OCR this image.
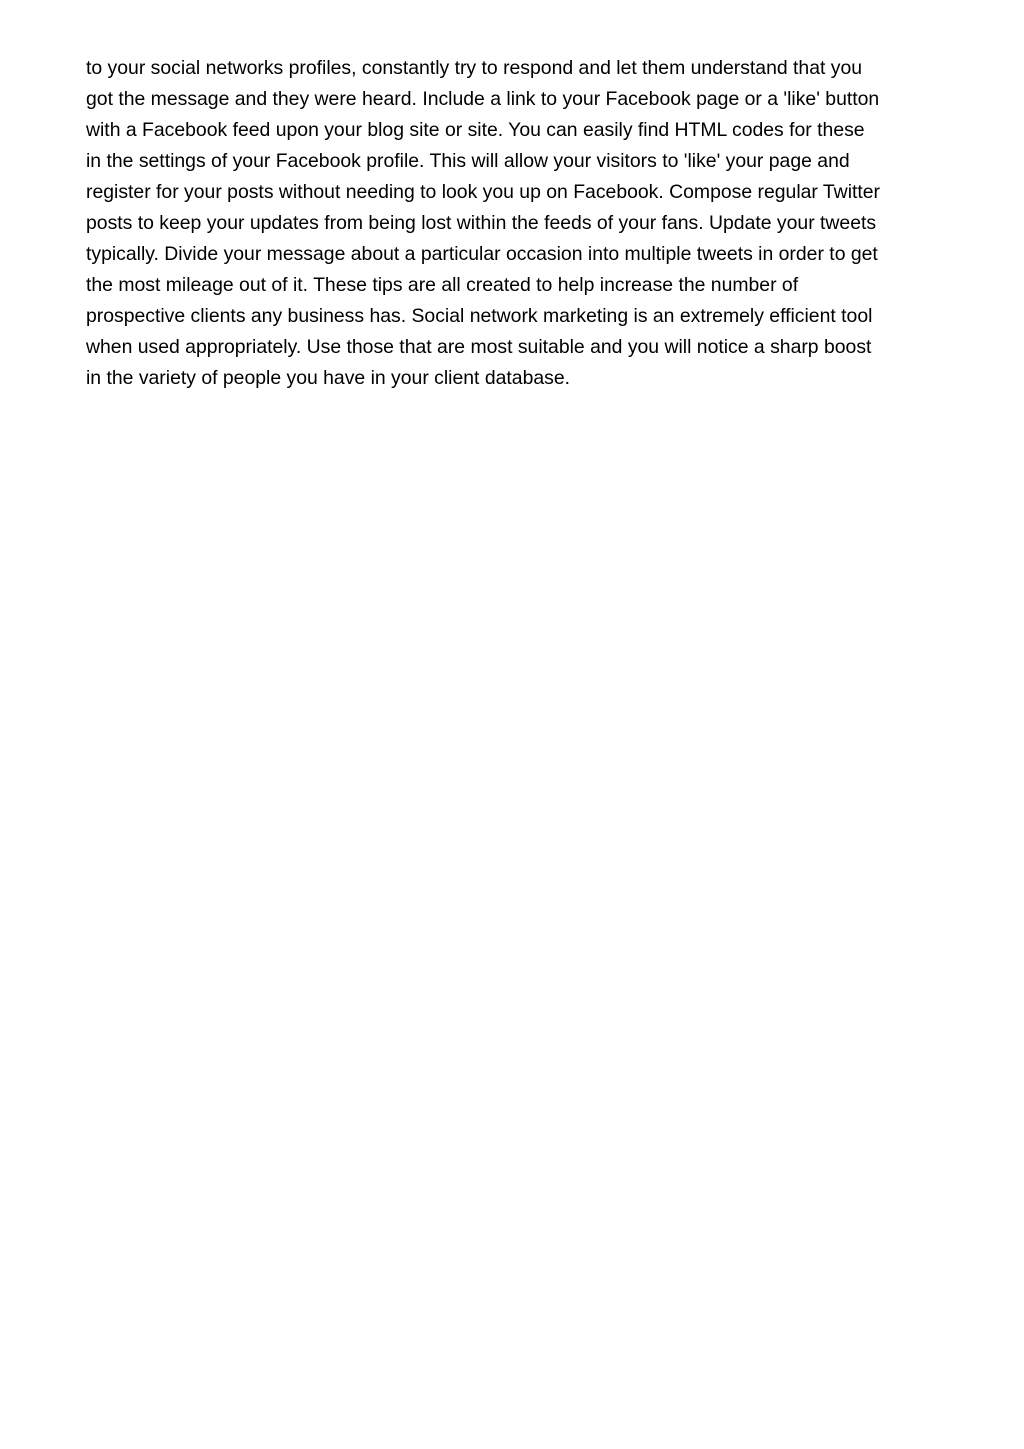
to your social networks profiles, constantly try to respond and let them understand that you
got the message and they were heard. Include a link to your Facebook page or a 'like' button
with a Facebook feed upon your blog site or site. You can easily find HTML codes for these
in the settings of your Facebook profile. This will allow your visitors to 'like' your page and
register for your posts without needing to look you up on Facebook. Compose regular Twitter
posts to keep your updates from being lost within the feeds of your fans. Update your tweets
typically. Divide your message about a particular occasion into multiple tweets in order to get
the most mileage out of it. These tips are all created to help increase the number of
prospective clients any business has. Social network marketing is an extremely efficient tool
when used appropriately. Use those that are most suitable and you will notice a sharp boost
in the variety of people you have in your client database.
